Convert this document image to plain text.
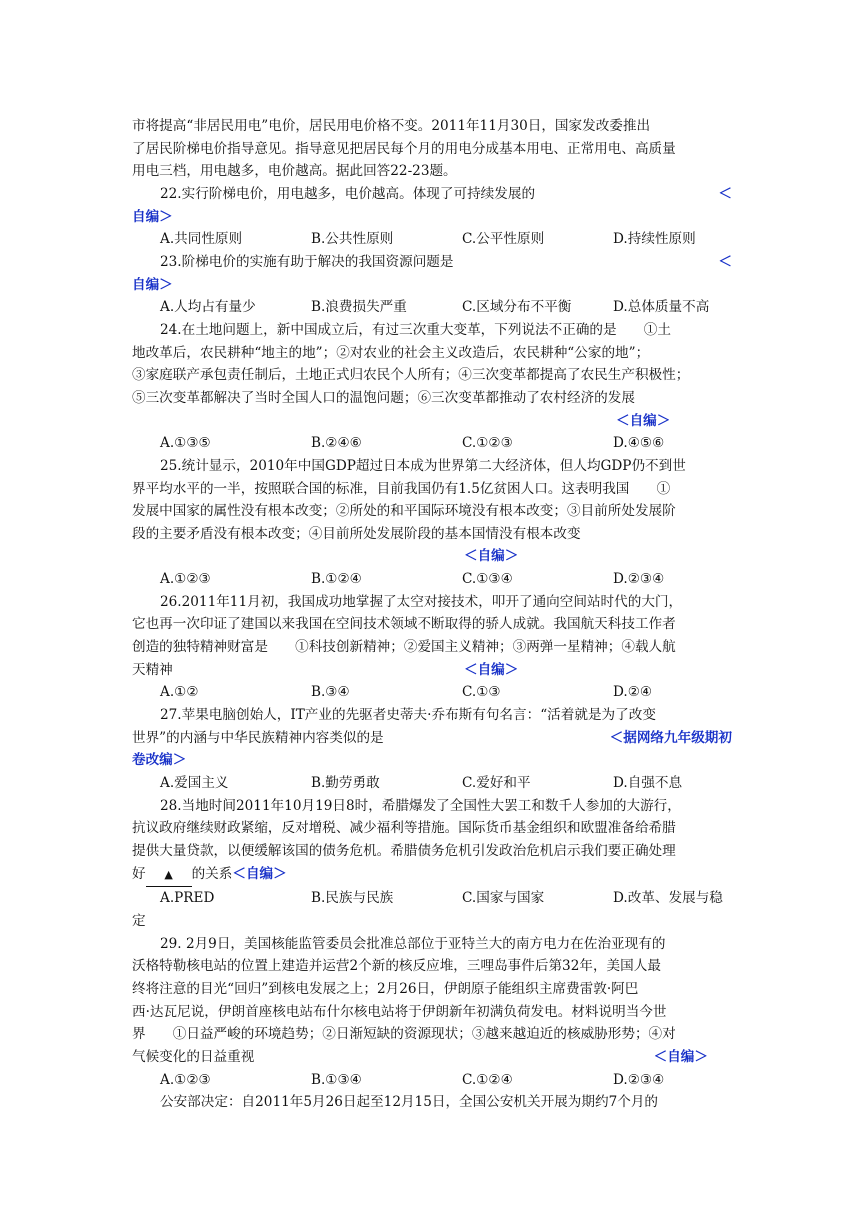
市将提高“非居民用电”电价，居民用电价格不变。2011年11月30日，国家发改委推出

了居民阶梯电价指导意见。指导意见把居民每个月的用电分成基本用电、正常用电、高质量

用电三档，用电越多，电价越高。据此回答22-23题。

22.实行阶梯电价，用电越多，电价越高。体现了可持续发展的	＜

自编＞

A.共同性原则	B.公共性原则	C.公平性原则	D.持续性原则

23.阶梯电价的实施有助于解决的我国资源问题是	＜

自编＞

A.人均占有量少	B.浪费损失严重	C.区域分布不平衡	D.总体质量不高

24.在土地问题上，新中国成立后，有过三次重大变革，下列说法不正确的是　　①土

地改革后，农民耕种“地主的地”；②对农业的社会主义改造后，农民耕种“公家的地”；

③家庭联产承包责任制后，土地正式归农民个人所有；④三次变革都提高了农民生产积极性；

⑤三次变革都解决了当时全国人口的温饱问题；⑥三次变革都推动了农村经济的发展

＜自编＞

A.①③⑤	B.②④⑥	C.①②③	D.④⑤⑥

25.统计显示，2010年中国GDP超过日本成为世界第二大经济体，但人均GDP仍不到世

界平均水平的一半，按照联合国的标准，目前我国仍有1.5亿贫困人口。这表明我国　　①

发展中国家的属性没有根本改变；②所处的和平国际环境没有根本改变；③目前所处发展阶

段的主要矛盾没有根本改变；④目前所处发展阶段的基本国情没有根本改变

＜自编＞

A.①②③	B.①②④	C.①③④	D.②③④

26.2011年11月初，我国成功地掌握了太空对接技术，叩开了通向空间站时代的大门，

它也再一次印证了建国以来我国在空间技术领域不断取得的骄人成就。我国航天科技工作者

创造的独特精神财富是　　①科技创新精神；②爱国主义精神；③两弹一星精神；④载人航

天精神	＜自编＞

A.①②	B.③④	C.①③	D.②④

27.苹果电脑创始人，IT产业的先驱者史蒂夫·乔布斯有句名言：“活着就是为了改变

世界”的内涵与中华民族精神内容类似的是	＜据网络九年级期初

卷改编＞

A.爱国主义	B.勤劳勇敢	C.爱好和平	D.自强不息

28.当地时间2011年10月19日8时，希腊爆发了全国性大罢工和数千人参加的大游行，

抗议政府继续财政紧缩，反对增税、减少福利等措施。国际货币基金组织和欧盟准备给希腊

提供大量贷款，以便缓解该国的债务危机。希腊债务危机引发政治危机启示我们要正确处理

好 ▲ 的关系＜自编＞

A.PRED	B.民族与民族	C.国家与国家	D.改革、发展与稳

定

29. 2月9日，美国核能监管委员会批准总部位于亚特兰大的南方电力在佐治亚现有的

沃格特勒核电站的位置上建造并运营2个新的核反应堆，三哩岛事件后第32年，美国人最

终将注意的目光“回归”到核电发展之上；2月26日，伊朗原子能组织主席费雷敦·阿巴

西·达瓦尼说，伊朗首座核电站布什尔核电站将于伊朗新年初满负荷发电。材料说明当今世

界　　①日益严峻的环境趋势；②日渐短缺的资源现状；③越来越迫近的核威胁形势；④对

气候变化的日益重视	＜自编＞

A.①②③	B.①③④	C.①②④	D.②③④

公安部决定：自2011年5月26日起至12月15日，全国公安机关开展为期约7个月的
